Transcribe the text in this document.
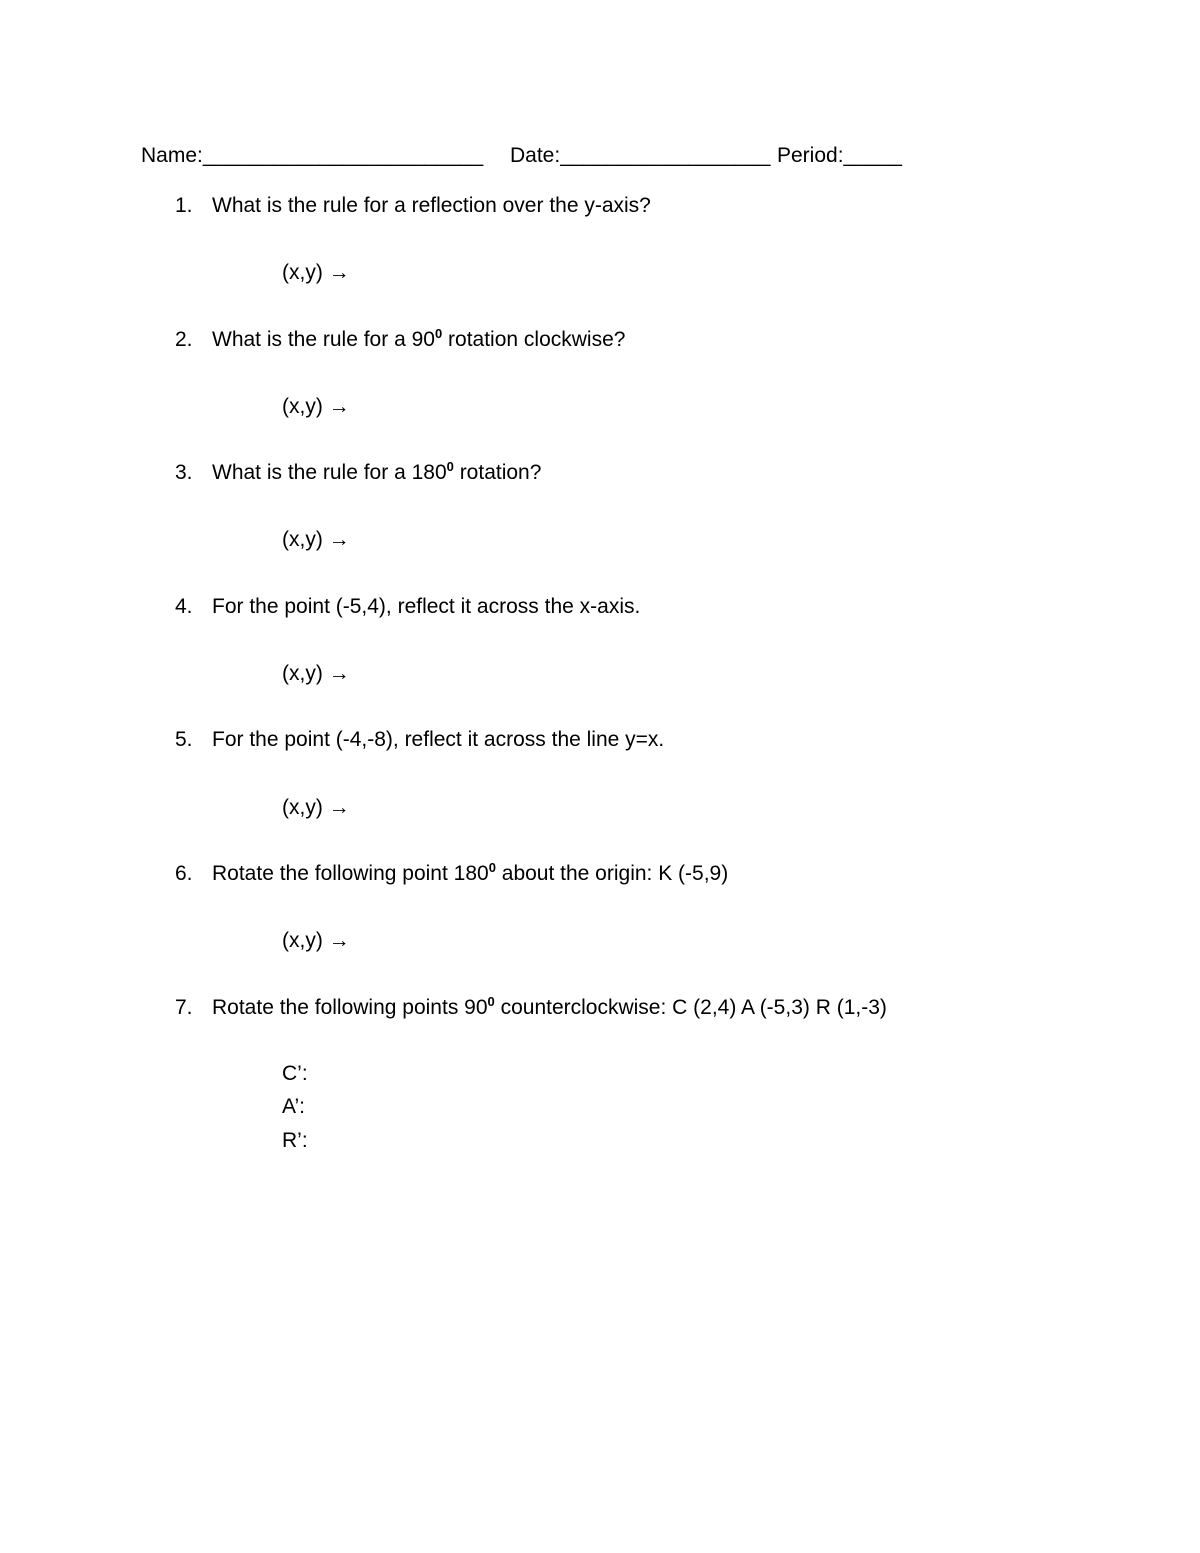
Name:________________________

Date:__________________

Period:_____

1. What is the rule for a reflection over the y-axis?
(x,y) →
2. What is the rule for a $90^0$ rotation clockwise?
(x,y) →
3. What is the rule for a $180^0$ rotation?
(x,y) →
4. For the point (-5,4), reflect it across the x-axis.
(x,y) →
5. For the point (-4,-8), reflect it across the line y=x.
(x,y) →
6. Rotate the following point $180^0$ about the origin: K (-5,9)
(x,y) →
7. Rotate the following points $90^0$ counterclockwise: C (2,4) A (-5,3) R (1,-3)
C’:
A’:
R’:
